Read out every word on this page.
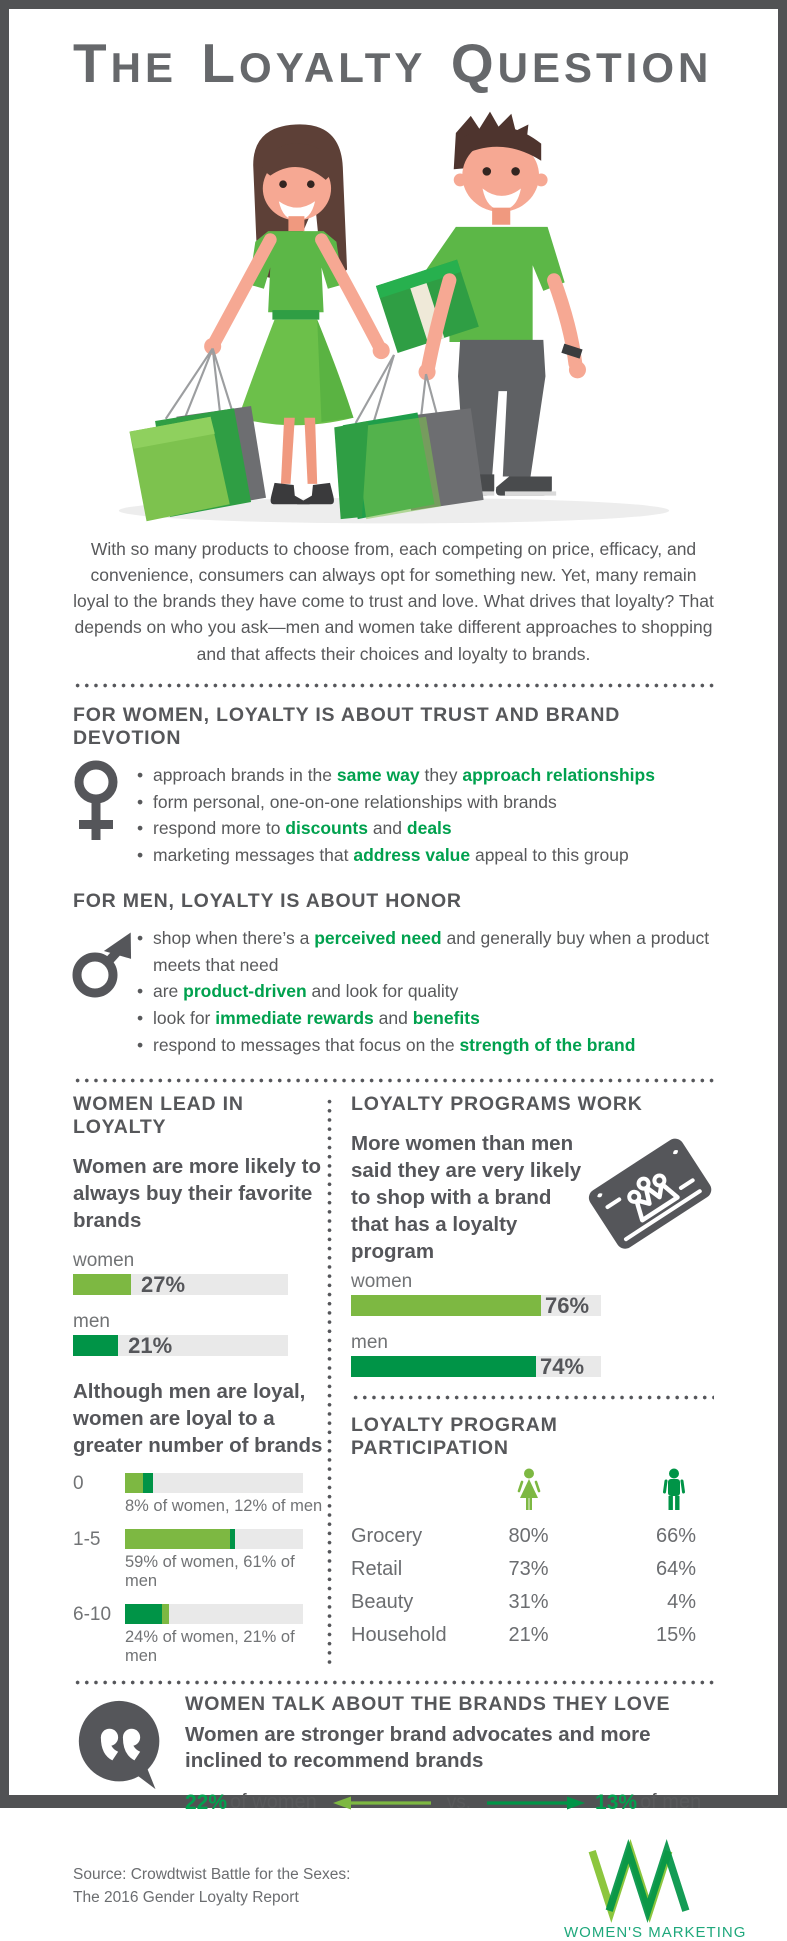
THE LOYALTY QUESTION

With so many products to choose from, each competing on price, efficacy, and convenience, consumers can always opt for something new. Yet, many remain loyal to the brands they have come to trust and love. What drives that loyalty? That depends on who you ask—men and women take different approaches to shopping and that affects their choices and loyalty to brands.

FOR WOMEN, LOYALTY IS ABOUT TRUST AND BRAND DEVOTION
• approach brands in the same way they approach relationships
• form personal, one-on-one relationships with brands
• respond more to discounts and deals
• marketing messages that address value appeal to this group
FOR MEN, LOYALTY IS ABOUT HONOR
• shop when there’s a perceived need and generally buy when a product meets that need
• are product-driven and look for quality
• look for immediate rewards and benefits
• respond to messages that focus on the strength of the brand
WOMEN LEAD IN LOYALTY

Women are more likely to always buy their favorite brands

women
27%
men
21%

Although men are loyal, women are loyal to a greater number of brands

0
8% of women, 12% of men
1-5
59% of women, 61% of men
6-10
24% of women, 21% of men
LOYALTY PROGRAMS WORK

More women than men said they are very likely to shop with a brand that has a loyalty program

women
76%
men
74%
LOYALTY PROGRAM PARTICIPATION
Grocery	80%	66%
Retail	73%	64%
Beauty	31%	4%
Household	21%	15%
WOMEN TALK ABOUT THE BRANDS THEY LOVE

Women are stronger brand advocates and more inclined to recommend brands

22% of women	vs.	13% of men
Source: Crowdtwist Battle for the Sexes:
The 2016 Gender Loyalty Report
WOMEN'S MARKETING
